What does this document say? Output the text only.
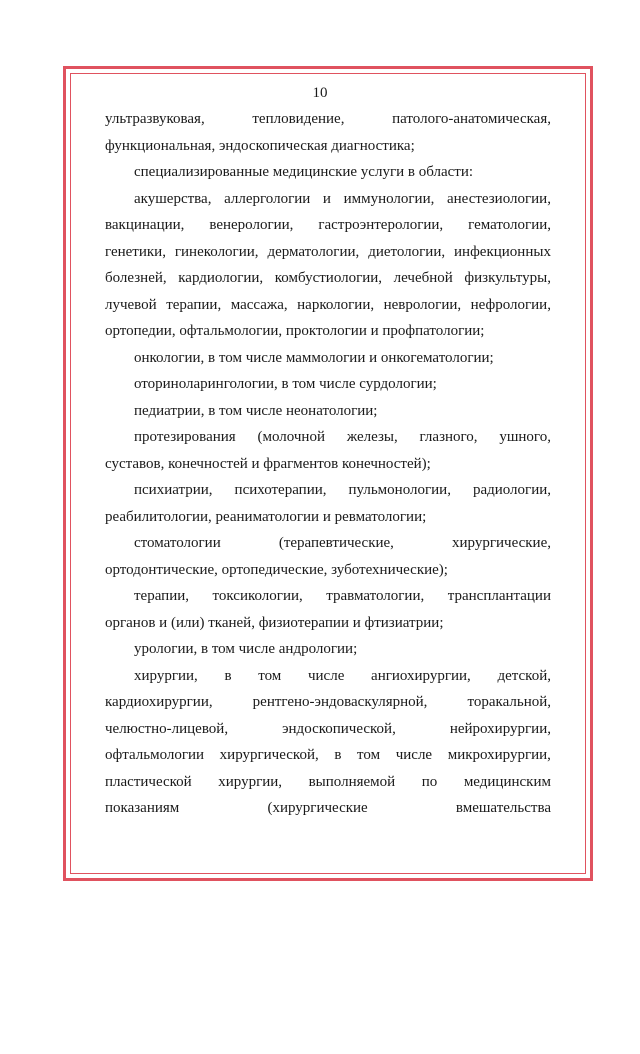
10
ультразвуковая,	тепловидение,	патолого-анатомическая,
функциональная, эндоскопическая диагностика;
специализированные медицинские услуги в области:
акушерства, аллергологии и иммунологии, анестезиологии,
вакцинации, венерологии, гастроэнтерологии, гематологии,
генетики, гинекологии, дерматологии, диетологии, инфекционных
болезней, кардиологии, комбустиологии, лечебной физкультуры,
лучевой терапии, массажа, наркологии, неврологии, нефрологии,
ортопедии, офтальмологии, проктологии и профпатологии;
онкологии, в том числе маммологии и онкогематологии;
оториноларингологии, в том числе сурдологии;
педиатрии, в том числе неонатологии;
протезирования (молочной железы, глазного, ушного,
суставов, конечностей и фрагментов конечностей);
психиатрии, психотерапии, пульмонологии, радиологии,
реабилитологии, реаниматологии и ревматологии;
стоматологии	(терапевтические,	хирургические,
ортодонтические, ортопедические, зуботехнические);
терапии, токсикологии, травматологии, трансплантации
органов и (или) тканей, физиотерапии и фтизиатрии;
урологии, в том числе андрологии;
хирургии, в том числе ангиохирургии, детской,
кардиохирургии,	рентгено-эндоваскулярной,	торакальной,
челюстно-лицевой,	эндоскопической,	нейрохирургии,
офтальмологии хирургической, в том числе микрохирургии,
пластической хирургии, выполняемой по медицинским
показаниям	(хирургические	вмешательства
